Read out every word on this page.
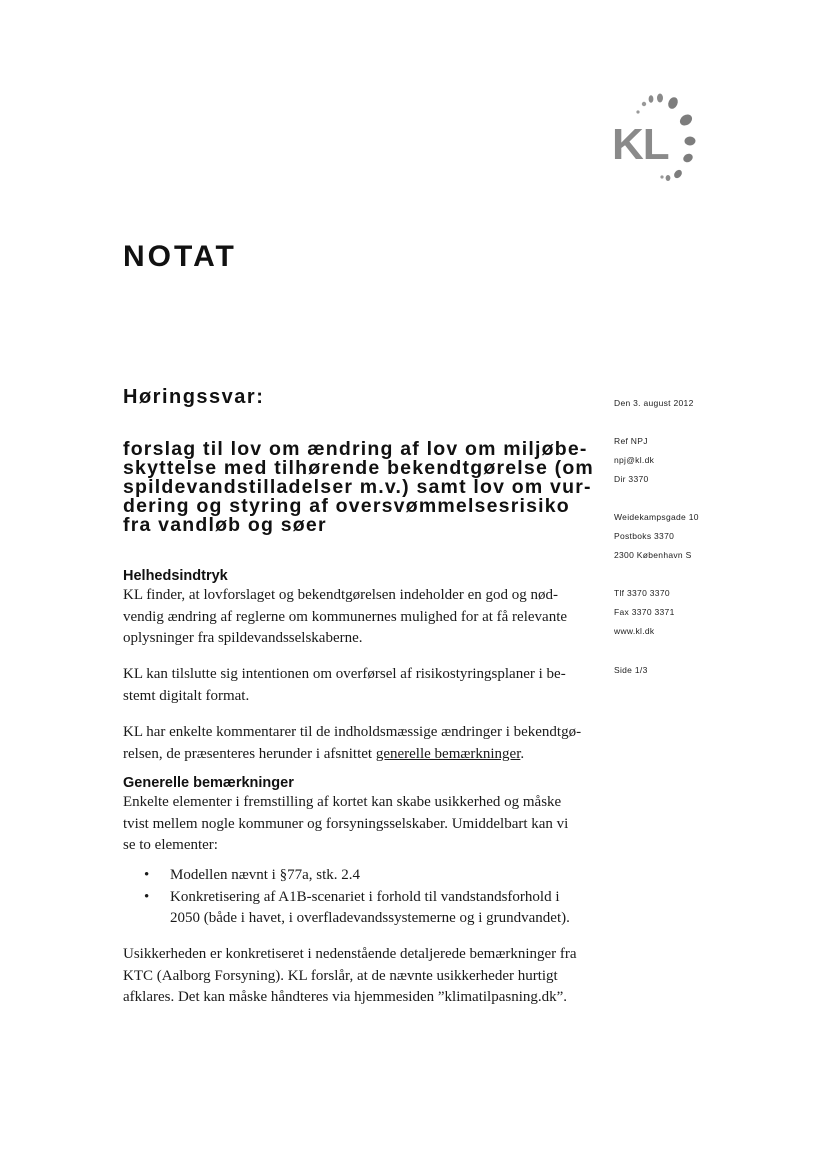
KL
NOTAT
Høringssvar:
forslag til lov om ændring af lov om miljøbe-
skyttelse med tilhørende bekendtgørelse (om
spildevandstilladelser m.v.) samt lov om vur-
dering og styring af oversvømmelsesrisiko
fra vandløb og søer
Helhedsindtryk
KL finder, at lovforslaget og bekendtgørelsen indeholder en god og nød-
vendig ændring af reglerne om kommunernes mulighed for at få relevante
oplysninger fra spildevandsselskaberne.
KL kan tilslutte sig intentionen om overførsel af risikostyringsplaner i be-
stemt digitalt format.
KL har enkelte kommentarer til de indholdsmæssige ændringer i bekendtgø-
relsen, de præsenteres herunder i afsnittet generelle bemærkninger.
Generelle bemærkninger
Enkelte elementer i fremstilling af kortet kan skabe usikkerhed og måske
tvist mellem nogle kommuner og forsyningsselskaber. Umiddelbart kan vi
se to elementer:
• Modellen nævnt i §77a, stk. 2.4
• Konkretisering af A1B-scenariet i forhold til vandstandsforhold i
2050 (både i havet, i overfladevandssystemerne og i grundvandet).
Usikkerheden er konkretiseret i nedenstående detaljerede bemærkninger fra
KTC (Aalborg Forsyning). KL forslår, at de nævnte usikkerheder hurtigt
afklares. Det kan måske håndteres via hjemmesiden ”klimatilpasning.dk”.
Den 3. august 2012
Ref NPJ
npj@kl.dk
Dir 3370
Weidekampsgade 10
Postboks 3370
2300 København S
Tlf 3370 3370
Fax 3370 3371
www.kl.dk
Side 1/3
